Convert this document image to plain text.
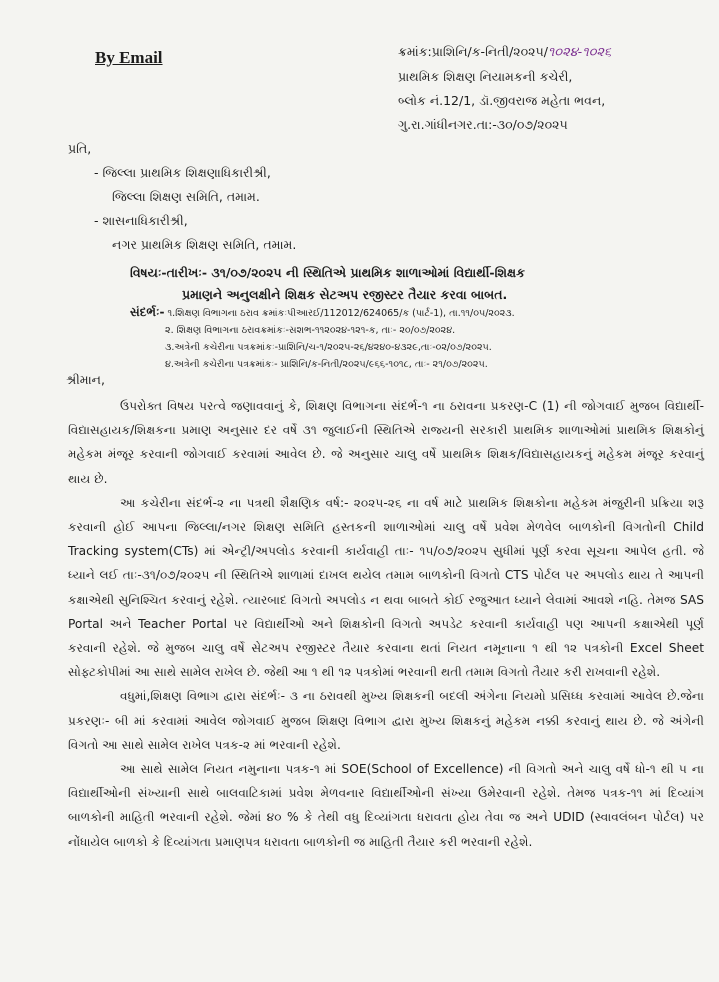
By Email	ક્રમાંક:પ્રાશિનિ/ક-નિતી/૨૦૨૫/૧૦૨૪-૧૦૨૬
પ્રાથમિક શિક્ષણ નિયામકની કચેરી,
બ્લોક નં.12/1, ડૉ.જીવરાજ મહેતા ભવન,
ગુ.રા.ગાંધીનગર.તા:-૩૦/૦૭/૨૦૨૫
પ્રતિ,
- જિલ્લા પ્રાથમિક શિક્ષણાધિકારીશ્રી,
જિલ્લા શિક્ષણ સમિતિ, તમામ.
- શાસનાધિકારીશ્રી,
નગર પ્રાથમિક શિક્ષણ સમિતિ, તમામ.
વિષયઃ-તારીખઃ- ૩૧/૦૭/૨૦૨૫ ની સ્થિતિએ પ્રાથમિક શાળાઓમાં વિદ્યાર્થી-શિક્ષક
પ્રમાણને અનુલક્ષીને શિક્ષક સેટઅપ રજીસ્ટર તૈયાર કરવા બાબત.
સંદર્ભઃ- ૧.શિક્ષણ વિભાગના ઠરાવ ક્રમાંકઃપીઆરઈ/112012/624065/ક (પાર્ટ-1), તા.૧૧/૦૫/૨૦૨૩.
૨. શિક્ષણ વિભાગના ઠરાવક્રમાંકઃ-સશભ-૧૧૨૦૨૪-૧૨૧-ક, તાઃ- ૨૦/૦૭/૨૦૨૪.
૩.અત્રેની કચેરીના પત્રક્રમાંકઃ-પ્રાશિનિ/ચ-૧/૨૦૨૫-૨૬/૪૨૪૦-૪૩૨૯,તાઃ-૦૨/૦૭/૨૦૨૫.
૪.અત્રેની કચેરીના પત્રક્રમાંકઃ- પ્રાશિનિ/ક-નિતી/૨૦૨૫/૯૬૬-૧૦૧૮, તાઃ- ૨૧/૦૭/૨૦૨૫.
શ્રીમાન,

ઉપરોક્ત વિષય પરત્વે જણાવવાનું કે, શિક્ષણ વિભાગના સંદર્ભ-૧ ના ઠરાવના પ્રકરણ-C (1) ની જોગવાઈ મુજબ વિદ્યાર્થી-વિદ્યાસહાયક/શિક્ષકના પ્રમાણ અનુસાર દર વર્ષે ૩૧ જુલાઈની સ્થિતિએ રાજ્યની સરકારી પ્રાથમિક શાળાઓમાં પ્રાથમિક શિક્ષકોનું મહેકમ મંજૂર કરવાની જોગવાઈ કરવામાં આવેલ છે. જે અનુસાર ચાલુ વર્ષે પ્રાથમિક શિક્ષક/વિદ્યાસહાયકનું મહેકમ મંજૂર કરવાનું થાય છે.

આ કચેરીના સંદર્ભ-૨ ના પત્રથી શૈક્ષણિક વર્ષ:- ૨૦૨૫-૨૬ ના વર્ષ માટે પ્રાથમિક શિક્ષકોના મહેકમ મંજુરીની પ્રક્રિયા શરૂ કરવાની હોઈ આપના જિલ્લા/નગર શિક્ષણ સમિતિ હસ્તકની શાળાઓમાં ચાલુ વર્ષે પ્રવેશ મેળવેલ બાળકોની વિગતોની Child Tracking system(CTs) માં એન્ટ્રી/અપલોડ કરવાની કાર્યવાહી તાઃ- ૧૫/૦૭/૨૦૨૫ સુધીમાં પૂર્ણ કરવા સૂચના આપેલ હતી. જે ધ્યાને લઈ તાઃ-૩૧/૦૭/૨૦૨૫ ની સ્થિતિએ શાળામાં દાખલ થયેલ તમામ બાળકોની વિગતો CTS પોર્ટલ પર અપલોડ થાય તે આપની કક્ષાએથી સુનિશ્ચિત કરવાનું રહેશે. ત્યારબાદ વિગતો અપલોડ ન થવા બાબતે કોઈ રજુઆત ધ્યાને લેવામાં આવશે નહિ. તેમજ SAS Portal અને Teacher Portal પર વિદ્યાર્થીઓ અને શિક્ષકોની વિગતો અપડેટ કરવાની કાર્યવાહી પણ આપની કક્ષાએથી પૂર્ણ કરવાની રહેશે. જે મુજબ ચાલુ વર્ષે સેટઅપ રજીસ્ટર તૈયાર કરવાના થતાં નિયત નમૂનાના ૧ થી ૧૨ પત્રકોની Excel Sheet સોફ્ટકોપીમાં આ સાથે સામેલ રાખેલ છે. જેથી આ ૧ થી ૧૨ પત્રકોમાં ભરવાની થતી તમામ વિગતો તૈયાર કરી રાખવાની રહેશે.

વધુમાં,શિક્ષણ વિભાગ દ્વારા સંદર્ભઃ- ૩ ના ઠરાવથી મુખ્ય શિક્ષકની બદલી અંગેના નિયમો પ્રસિધ્ધ કરવામાં આવેલ છે.જેના પ્રકરણઃ- બી માં કરવામાં આવેલ જોગવાઈ મુજબ શિક્ષણ વિભાગ દ્વારા મુખ્ય શિક્ષકનું મહેકમ નક્કી કરવાનું થાય છે. જે અંગેની વિગતો આ સાથે સામેલ રાખેલ પત્રક-૨ માં ભરવાની રહેશે.

આ સાથે સામેલ નિયત નમુનાના પત્રક-૧ માં SOE(School of Excellence) ની વિગતો અને ચાલુ વર્ષે ધો-૧ થી ૫ ના વિદ્યાર્થીઓની સંખ્યાની સાથે બાલવાટિકામાં પ્રવેશ મેળવનાર વિદ્યાર્થીઓની સંખ્યા ઉમેરવાની રહેશે. તેમજ પત્રક-૧૧ માં દિવ્યાંગ બાળકોની માહિતી ભરવાની રહેશે. જેમાં ૪૦ % કે તેથી વધુ દિવ્યાંગતા ધરાવતા હોય તેવા જ અને UDID (સ્વાવલંબન પોર્ટલ) પર નોંધાયેલ બાળકો કે દિવ્યાંગતા પ્રમાણપત્ર ધરાવતા બાળકોની જ માહિતી તૈયાર કરી ભરવાની રહેશે.
